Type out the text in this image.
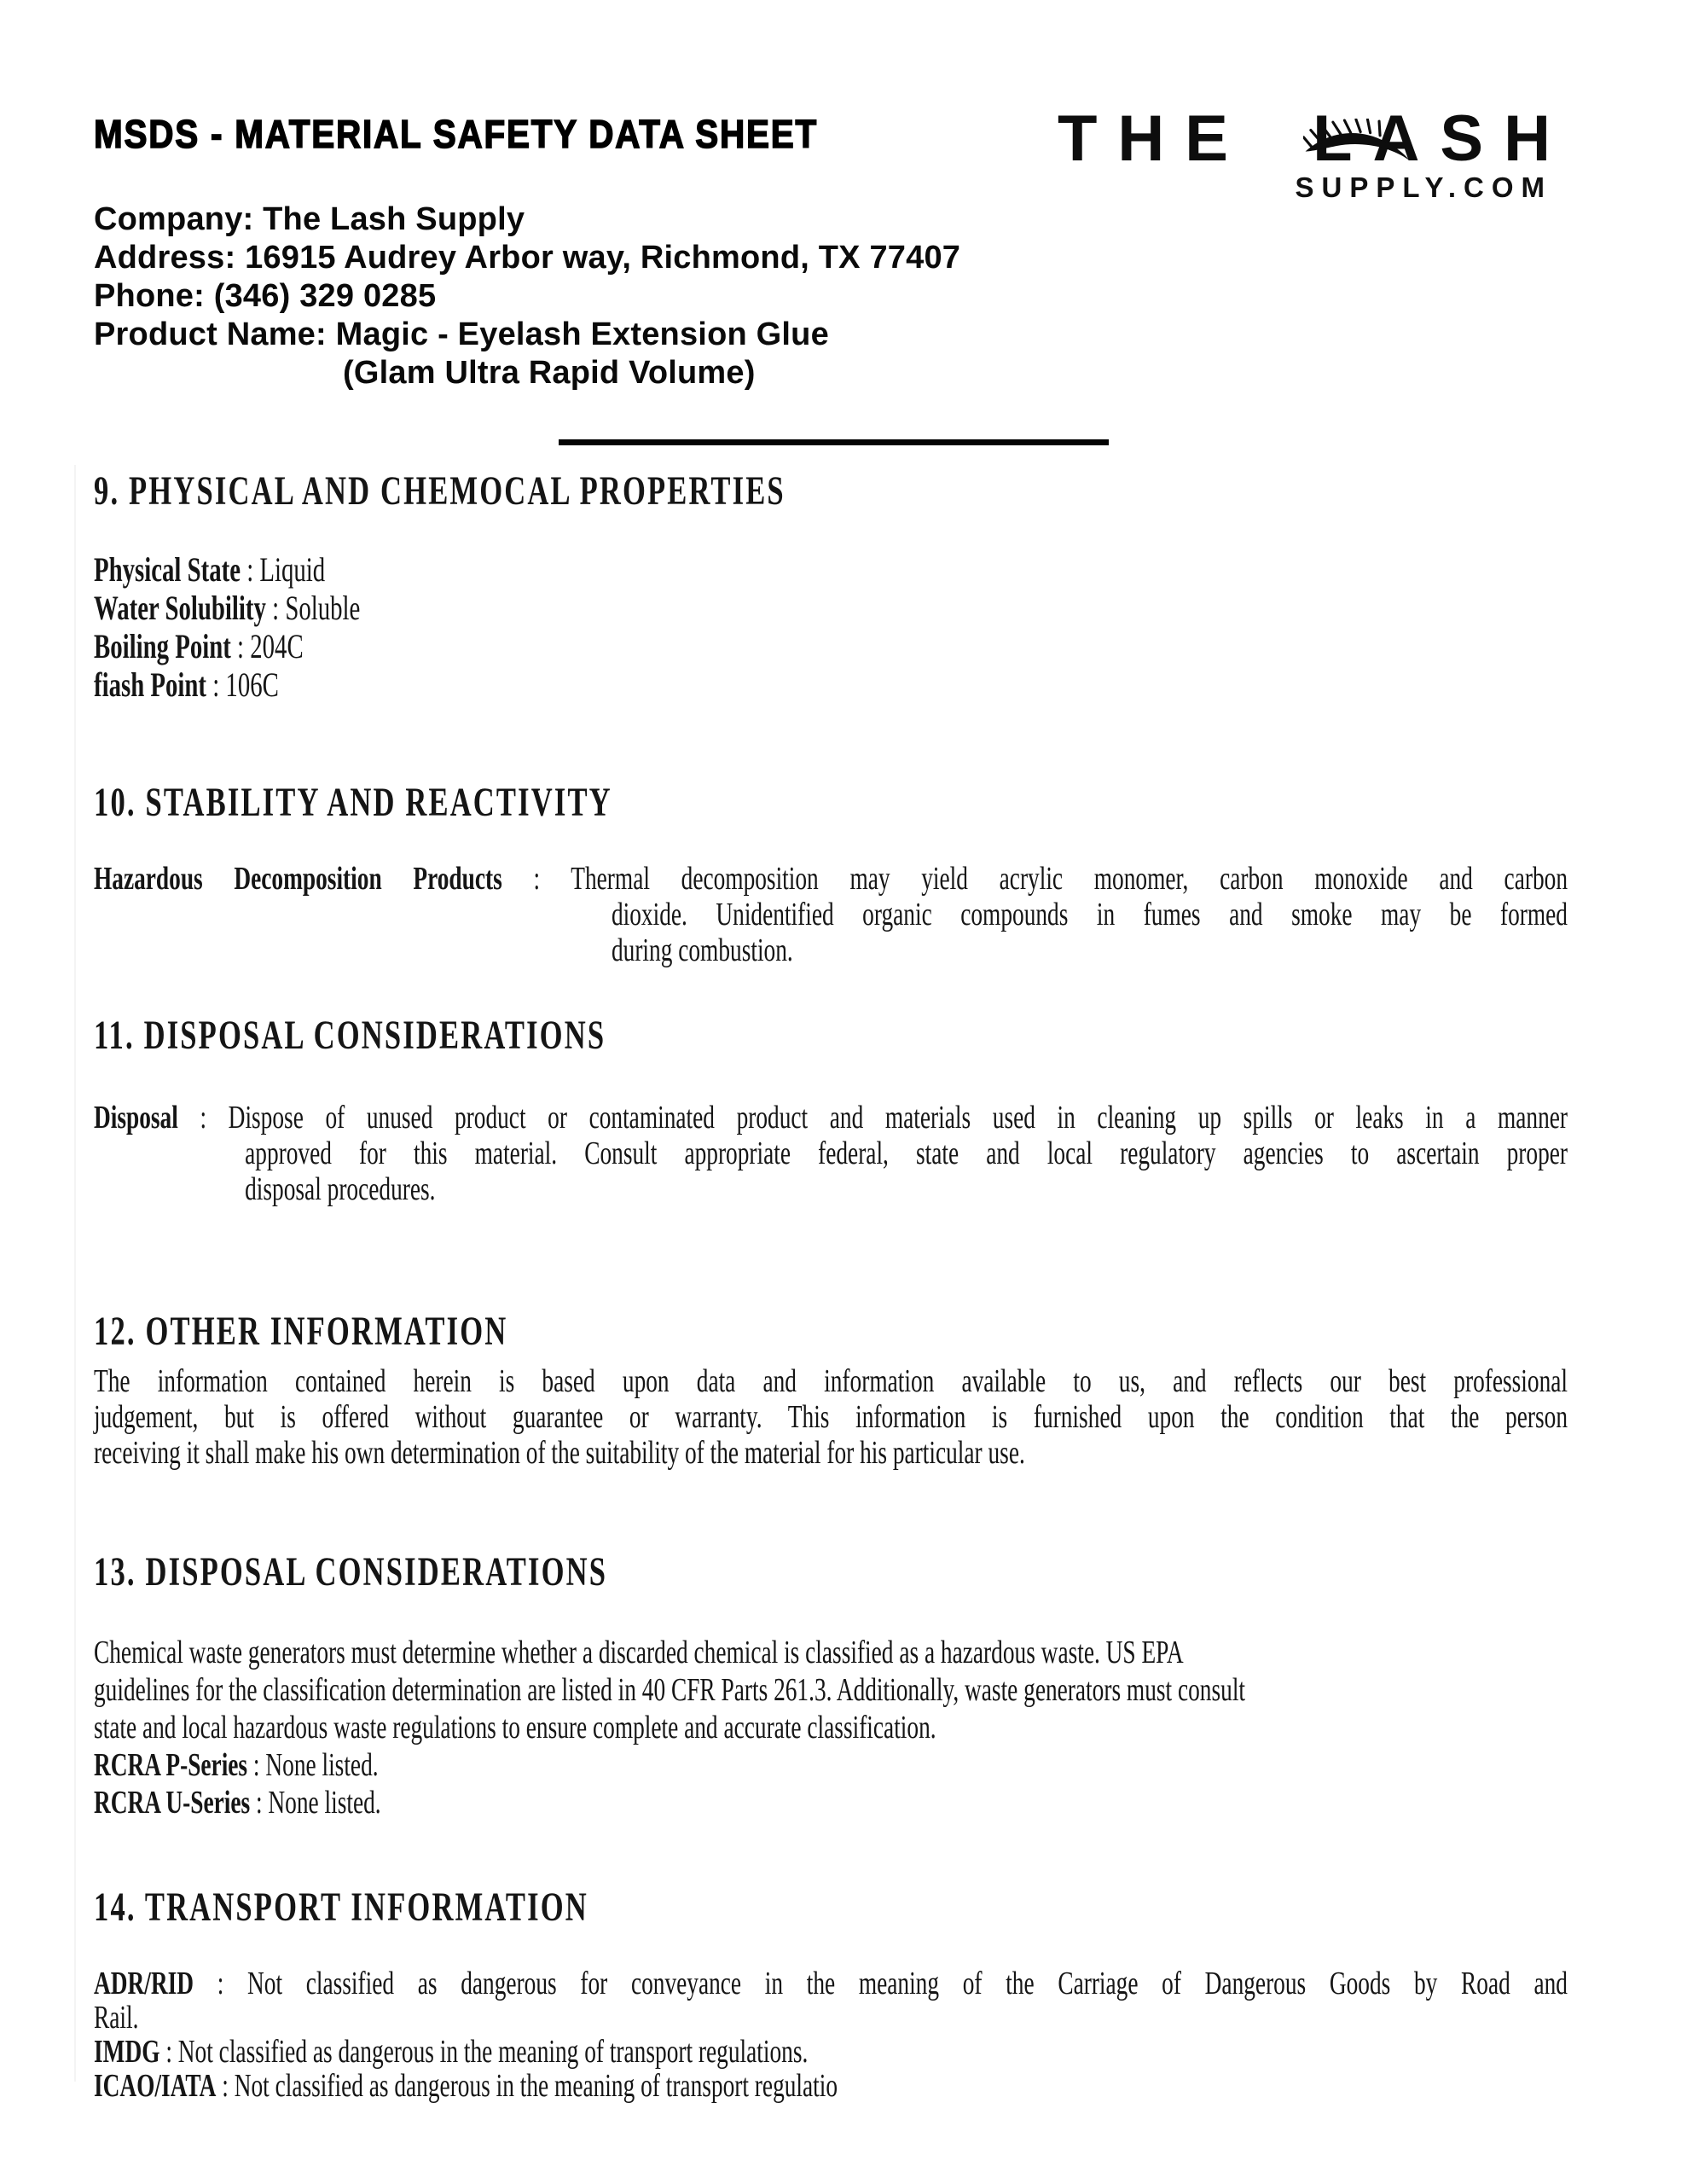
MSDS - MATERIAL SAFETY DATA SHEET
Company: The Lash Supply
Address: 16915 Audrey Arbor way, Richmond, TX 77407
Phone: (346) 329 0285
Product Name: Magic - Eyelash Extension Glue
(Glam Ultra Rapid Volume)
THE LASH
SUPPLY.COM
9. PHYSICAL AND CHEMOCAL PROPERTIES
Physical State : Liquid
Water Solubility : Soluble
Boiling Point : 204C
fiash Point : 106C
10. STABILITY AND REACTIVITY
Hazardous Decomposition Products : Thermal decomposition may yield acrylic monomer, carbon monoxide and carbon
dioxide. Unidentified organic compounds in fumes and smoke may be formed
during combustion.
11. DISPOSAL CONSIDERATIONS
Disposal : Dispose of unused product or contaminated product and materials used in cleaning up spills or leaks in a manner
approved for this material. Consult appropriate federal, state and local regulatory agencies to ascertain proper
disposal procedures.
12. OTHER INFORMATION
The information contained herein is based upon data and information available to us, and reflects our best professional
judgement, but is offered without guarantee or warranty. This information is furnished upon the condition that the person
receiving it shall make his own determination of the suitability of the material for his particular use.
13. DISPOSAL CONSIDERATIONS
Chemical waste generators must determine whether a discarded chemical is classified as a hazardous waste. US EPA
guidelines for the classification determination are listed in 40 CFR Parts 261.3. Additionally, waste generators must consult
state and local hazardous waste regulations to ensure complete and accurate classification.
RCRA P-Series : None listed.
RCRA U-Series : None listed.
14. TRANSPORT INFORMATION
ADR/RID : Not classified as dangerous for conveyance in the meaning of the Carriage of Dangerous Goods by Road and
Rail.
IMDG : Not classified as dangerous in the meaning of transport regulations.
ICAO/IATA : Not classified as dangerous in the meaning of transport regulatio
